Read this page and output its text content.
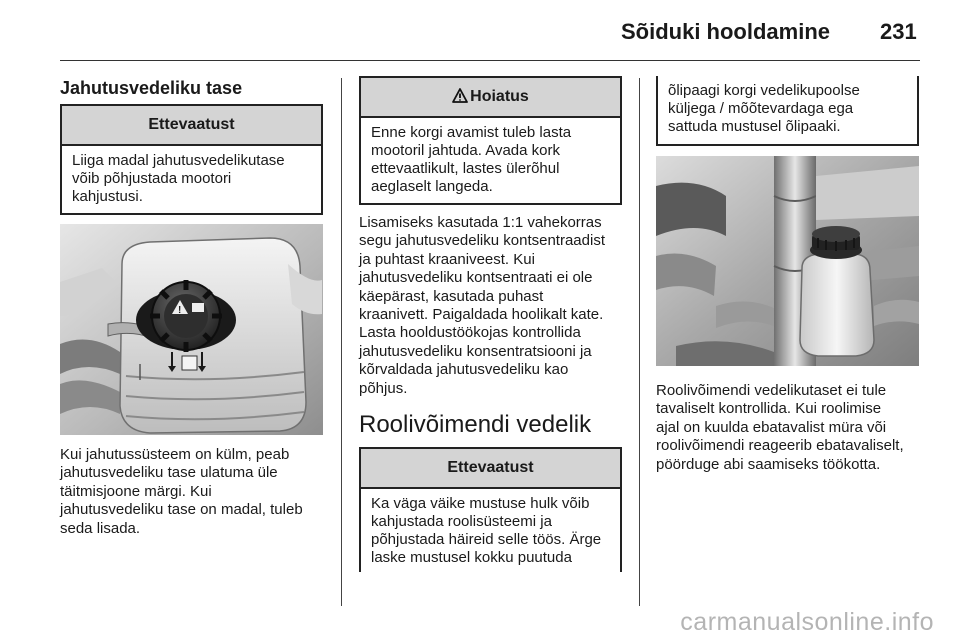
Sõiduki hooldamine 231
Jahutusvedeliku tase
Ettevaatust
Liiga madal jahutusvedelikutase
võib põhjustada mootori
kahjustusi.
!
Kui jahutussüsteem on külm, peab
jahutusvedeliku tase ulatuma üle
täitmisjoone märgi. Kui
jahutusvedeliku tase on madal, tuleb
seda lisada.
Hoiatus
Enne korgi avamist tuleb lasta
mootoril jahtuda. Avada kork
ettevaatlikult, lastes ülerõhul
aeglaselt langeda.
Lisamiseks kasutada 1:1 vahekorras
segu jahutusvedeliku kontsentraadist
ja puhtast kraaniveest. Kui
jahutusvedeliku kontsentraati ei ole
käepärast, kasutada puhast
kraanivett. Paigaldada hoolikalt kate.
Lasta hooldustöökojas kontrollida
jahutusvedeliku konsentratsiooni ja
kõrvaldada jahutusvedeliku kao
põhjus.
Roolivõimendi vedelik
Ettevaatust
Ka väga väike mustuse hulk võib
kahjustada roolisüsteemi ja
põhjustada häireid selle töös. Ärge
laske mustusel kokku puutuda
õlipaagi korgi vedelikupoolse
küljega / mõõtevardaga ega
sattuda mustusel õlipaaki.
Roolivõimendi vedelikutaset ei tule
tavaliselt kontrollida. Kui roolimise
ajal on kuulda ebatavalist müra või
roolivõimendi reageerib ebatavaliselt,
pöörduge abi saamiseks töökotta.
carmanualsonline.info
